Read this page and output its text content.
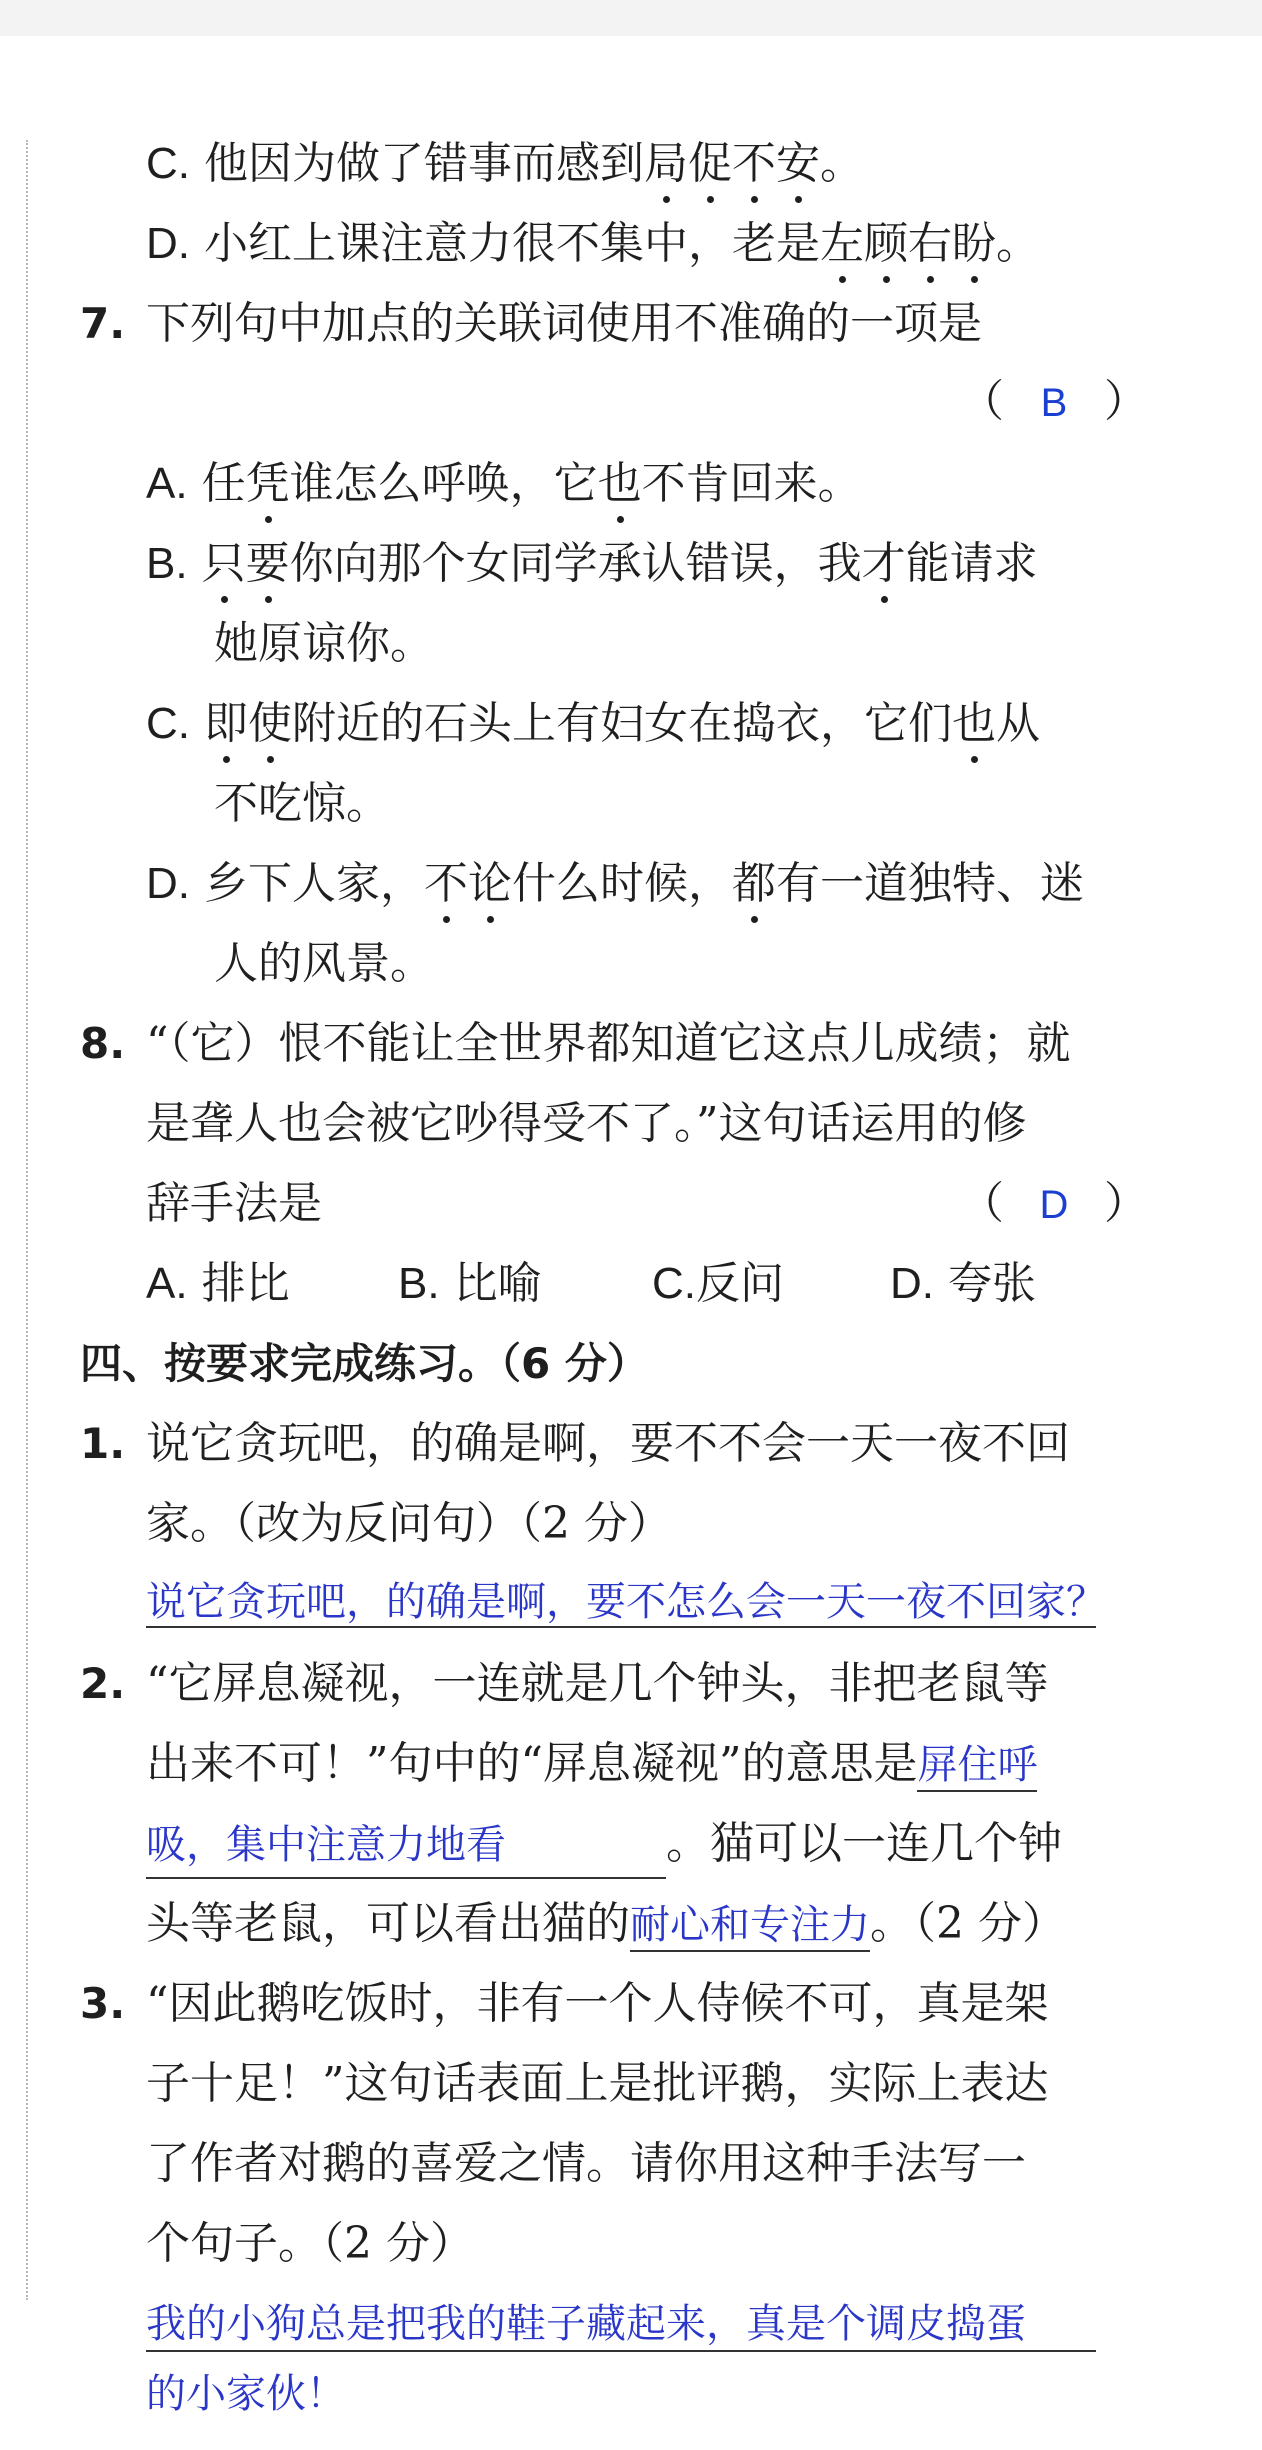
C. 他因为做了错事而感到局促不安。
D. 小红上课注意力很不集中，老是左顾右盼。
7. 下列句中加点的关联词使用不准确的一项是
（ B ）
A. 任凭谁怎么呼唤，它也不肯回来。
B. 只要你向那个女同学承认错误，我才能请求
她原谅你。
C. 即使附近的石头上有妇女在捣衣，它们也从
不吃惊。
D. 乡下人家，不论什么时候，都有一道独特、迷
人的风景。
8. “（它）恨不能让全世界都知道它这点儿成绩；就
是聋人也会被它吵得受不了。”这句话运用的修
辞手法是	（ D ）
A. 排比 B. 比喻	C.反问 D. 夸张
四、按要求完成练习。（6 分）
1. 说它贪玩吧，的确是啊，要不不会一天一夜不回
家。（改为反问句）（2 分）
说它贪玩吧，的确是啊，要不怎么会一天一夜不回家？
2. “它屏息凝视，一连就是几个钟头，非把老鼠等
出来不可！”句中的“屏息凝视”的意思是屏住呼
吸，集中注意力地看	。猫可以一连几个钟
头等老鼠，可以看出猫的耐心和专注力。（2 分）
3. “因此鹅吃饭时，非有一个人侍候不可，真是架
子十足！”这句话表面上是批评鹅，实际上表达
了作者对鹅的喜爱之情。请你用这种手法写一
个句子。（2 分）
我的小狗总是把我的鞋子藏起来，真是个调皮捣蛋
的小家伙！
